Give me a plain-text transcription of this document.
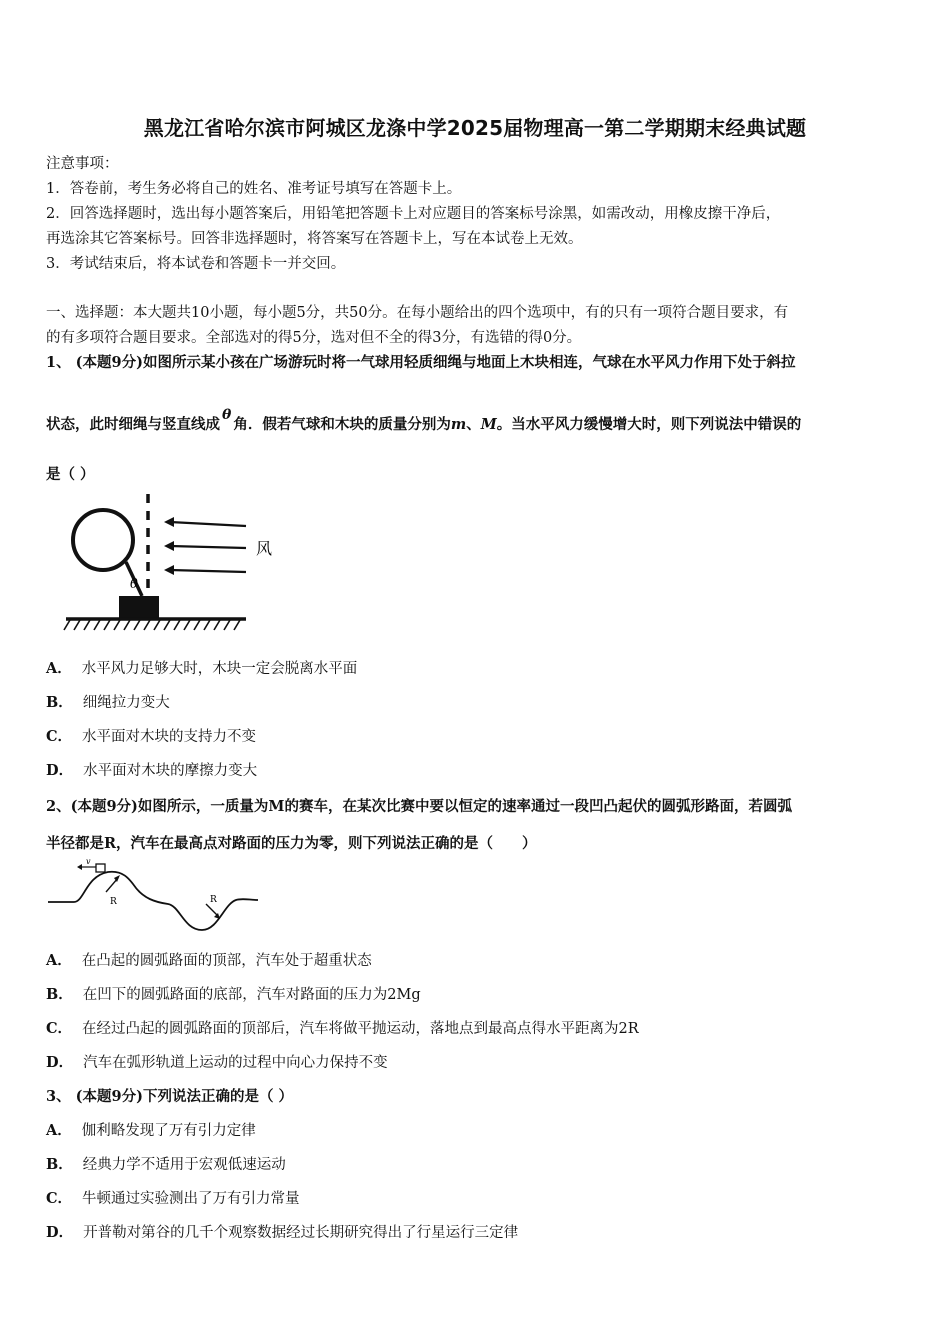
黑龙江省哈尔滨市阿城区龙涤中学2025届物理高一第二学期期末经典试题
注意事项：
1．答卷前，考生务必将自己的姓名、准考证号填写在答题卡上。
2．回答选择题时，选出每小题答案后，用铅笔把答题卡上对应题目的答案标号涂黑，如需改动，用橡皮擦干净后，
再选涂其它答案标号。回答非选择题时，将答案写在答题卡上，写在本试卷上无效。
3．考试结束后，将本试卷和答题卡一并交回。
一、选择题：本大题共10小题，每小题5分，共50分。在每小题给出的四个选项中，有的只有一项符合题目要求，有
的有多项符合题目要求。全部选对的得5分，选对但不全的得3分，有选错的得0分。
1、 (本题9分)如图所示某小孩在广场游玩时将一气球用轻质细绳与地面上木块相连，气球在水平风力作用下处于斜拉
状态，此时细绳与竖直线成θ角．假若气球和木块的质量分别为m、M。当水平风力缓慢增大时，则下列说法中错误的
是（ ）
风
θ
A． 水平风力足够大时，木块一定会脱离水平面
B． 细绳拉力变大
C． 水平面对木块的支持力不变
D． 水平面对木块的摩擦力变大
2、(本题9分)如图所示，一质量为M的赛车，在某次比赛中要以恒定的速率通过一段凹凸起伏的圆弧形路面，若圆弧
半径都是R，汽车在最高点对路面的压力为零，则下列说法正确的是（　　）
v
R	R
A． 在凸起的圆弧路面的顶部，汽车处于超重状态
B． 在凹下的圆弧路面的底部，汽车对路面的压力为2Mg
C． 在经过凸起的圆弧路面的顶部后，汽车将做平抛运动，落地点到最高点得水平距离为2R
D． 汽车在弧形轨道上运动的过程中向心力保持不变
3、 (本题9分)下列说法正确的是（ ）
A． 伽利略发现了万有引力定律
B． 经典力学不适用于宏观低速运动
C． 牛顿通过实验测出了万有引力常量
D． 开普勒对第谷的几千个观察数据经过长期研究得出了行星运行三定律
